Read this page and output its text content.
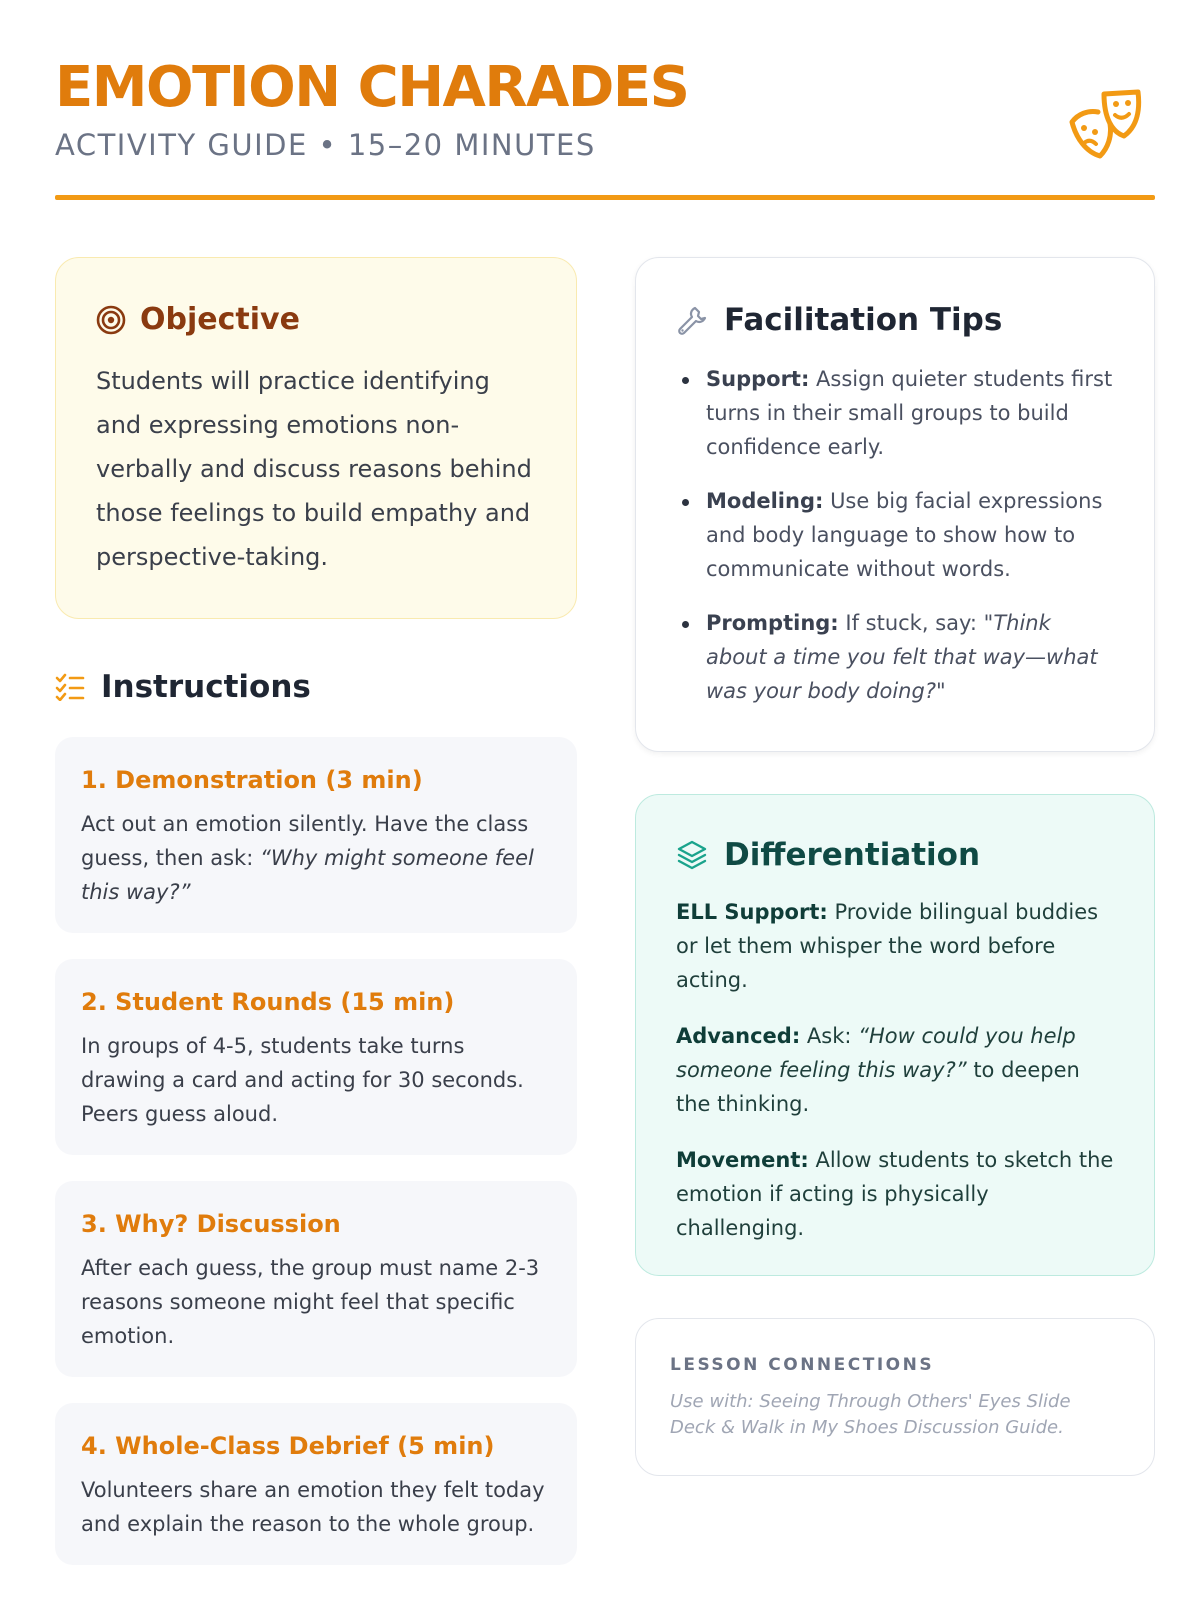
EMOTION CHARADES
ACTIVITY GUIDE • 15–20 MINUTES
Objective
Students will practice identifying and expressing emotions non-verbally and discuss reasons behind those feelings to build empathy and perspective-taking.
Instructions
1. Demonstration (3 min)
Act out an emotion silently. Have the class guess, then ask: “Why might someone feel this way?”
2. Student Rounds (15 min)
In groups of 4-5, students take turns drawing a card and acting for 30 seconds. Peers guess aloud.
3. Why? Discussion
After each guess, the group must name 2-3 reasons someone might feel that specific emotion.
4. Whole-Class Debrief (5 min)
Volunteers share an emotion they felt today and explain the reason to the whole group.
Facilitation Tips
Support: Assign quieter students first turns in their small groups to build confidence early.
Modeling: Use big facial expressions and body language to show how to communicate without words.
Prompting: If stuck, say: "Think about a time you felt that way—what was your body doing?"
Differentiation
ELL Support: Provide bilingual buddies or let them whisper the word before acting.
Advanced: Ask: “How could you help someone feeling this way?” to deepen the thinking.
Movement: Allow students to sketch the emotion if acting is physically challenging.
LESSON CONNECTIONS
Use with: Seeing Through Others' Eyes Slide Deck & Walk in My Shoes Discussion Guide.
